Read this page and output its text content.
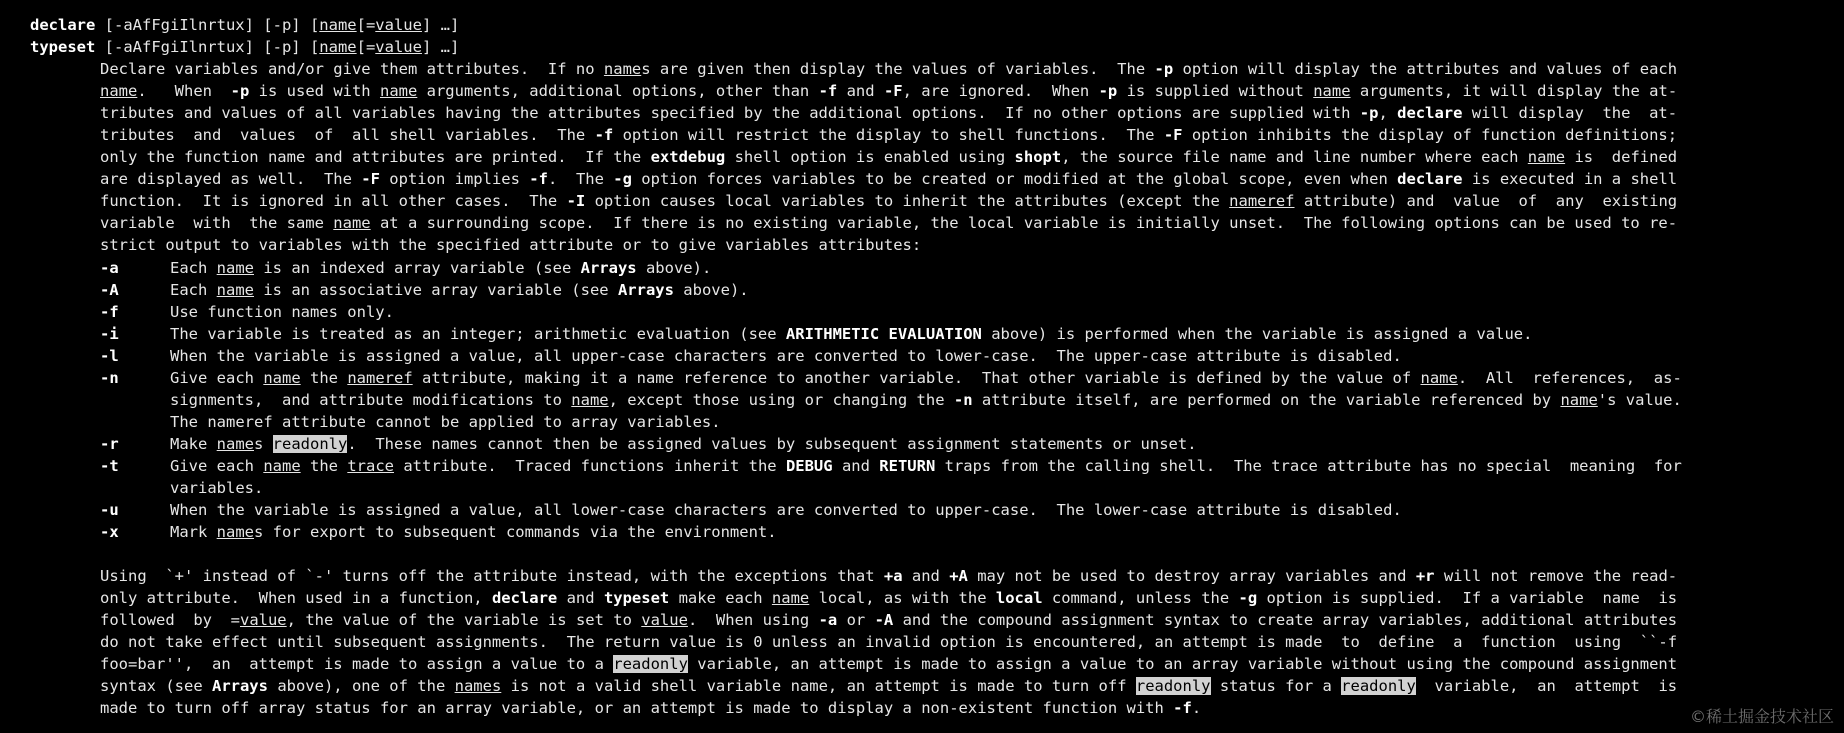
declare [-aAfFgiIlnrtux] [-p] [name[=value] …]
typeset [-aAfFgiIlnrtux] [-p] [name[=value] …]
Declare variables and/or give them attributes.  If no names are given then display the values of variables.  The -p option will display the attributes and values of each
name.   When  -p is used with name arguments, additional options, other than -f and -F, are ignored.  When -p is supplied without name arguments, it will display the at‐
tributes and values of all variables having the attributes specified by the additional options.  If no other options are supplied with -p, declare will display  the  at‐
tributes  and  values  of  all shell variables.  The -f option will restrict the display to shell functions.  The -F option inhibits the display of function definitions;
only the function name and attributes are printed.  If the extdebug shell option is enabled using shopt, the source file name and line number where each name is  defined
are displayed as well.  The -F option implies -f.  The -g option forces variables to be created or modified at the global scope, even when declare is executed in a shell
function.  It is ignored in all other cases.  The -I option causes local variables to inherit the attributes (except the nameref attribute) and  value  of  any  existing
variable  with  the same name at a surrounding scope.  If there is no existing variable, the local variable is initially unset.  The following options can be used to re‐
strict output to variables with the specified attribute or to give variables attributes:
-a	Each name is an indexed array variable (see Arrays above).
-A	Each name is an associative array variable (see Arrays above).
-f	Use function names only.
-i	The variable is treated as an integer; arithmetic evaluation (see ARITHMETIC EVALUATION above) is performed when the variable is assigned a value.
-l	When the variable is assigned a value, all upper-case characters are converted to lower-case.  The upper-case attribute is disabled.
-n	Give each name the nameref attribute, making it a name reference to another variable.  That other variable is defined by the value of name.  All  references,  as‐
signments,  and attribute modifications to name, except those using or changing the -n attribute itself, are performed on the variable referenced by name's value.
The nameref attribute cannot be applied to array variables.
-r	Make names readonly.  These names cannot then be assigned values by subsequent assignment statements or unset.
-t	Give each name the trace attribute.  Traced functions inherit the DEBUG and RETURN traps from the calling shell.  The trace attribute has no special  meaning  for
variables.
-u	When the variable is assigned a value, all lower-case characters are converted to upper-case.  The lower-case attribute is disabled.
-x	Mark names for export to subsequent commands via the environment.
Using  `+' instead of `-' turns off the attribute instead, with the exceptions that +a and +A may not be used to destroy array variables and +r will not remove the read‐
only attribute.  When used in a function, declare and typeset make each name local, as with the local command, unless the -g option is supplied.  If a variable  name  is
followed  by  =value, the value of the variable is set to value.  When using -a or -A and the compound assignment syntax to create array variables, additional attributes
do not take effect until subsequent assignments.  The return value is 0 unless an invalid option is encountered, an attempt is made  to  define  a  function  using  ``-f
foo=bar'',  an  attempt is made to assign a value to a readonly variable, an attempt is made to assign a value to an array variable without using the compound assignment
syntax (see Arrays above), one of the names is not a valid shell variable name, an attempt is made to turn off readonly status for a readonly  variable,  an  attempt  is
made to turn off array status for an array variable, or an attempt is made to display a non-existent function with -f.	©稀土掘金技术社区
